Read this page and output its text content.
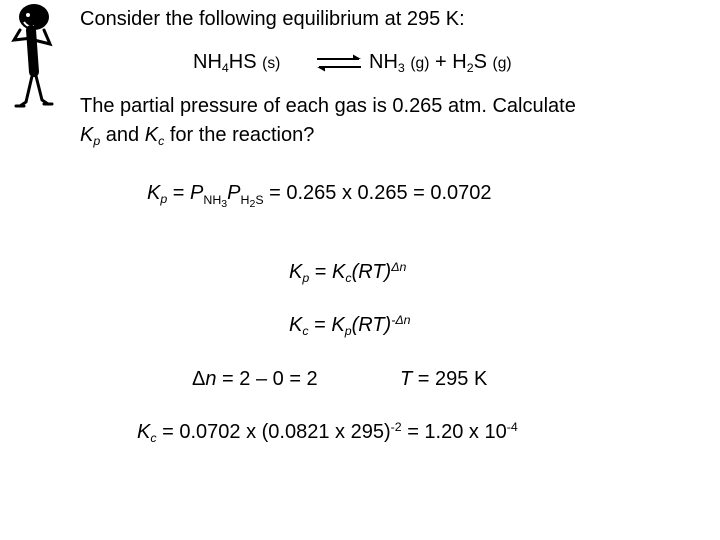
Consider the following equilibrium at 295 K:
$NH_4HS$ (s) ⇌ $NH_3$ $(g) + H_2S$ (g)
The partial pressure of each gas is 0.265 atm. Calculate
$K_p$ and $K_c$ for the reaction?
$K_p = P_{NH_3}P_{H_2S} = 0.265$ x 0.265 = 0.0702
$K_p = K_c(RT)^{\Delta n}$
$K_c = K_p(RT)^{-\Delta n}$
Δn = 2 – 0 = 2	T = 295 K
$K_c = 0.0702$ x (0.0821 x 295)$^{-2}$ = 1.20 x $10^{-4}$
